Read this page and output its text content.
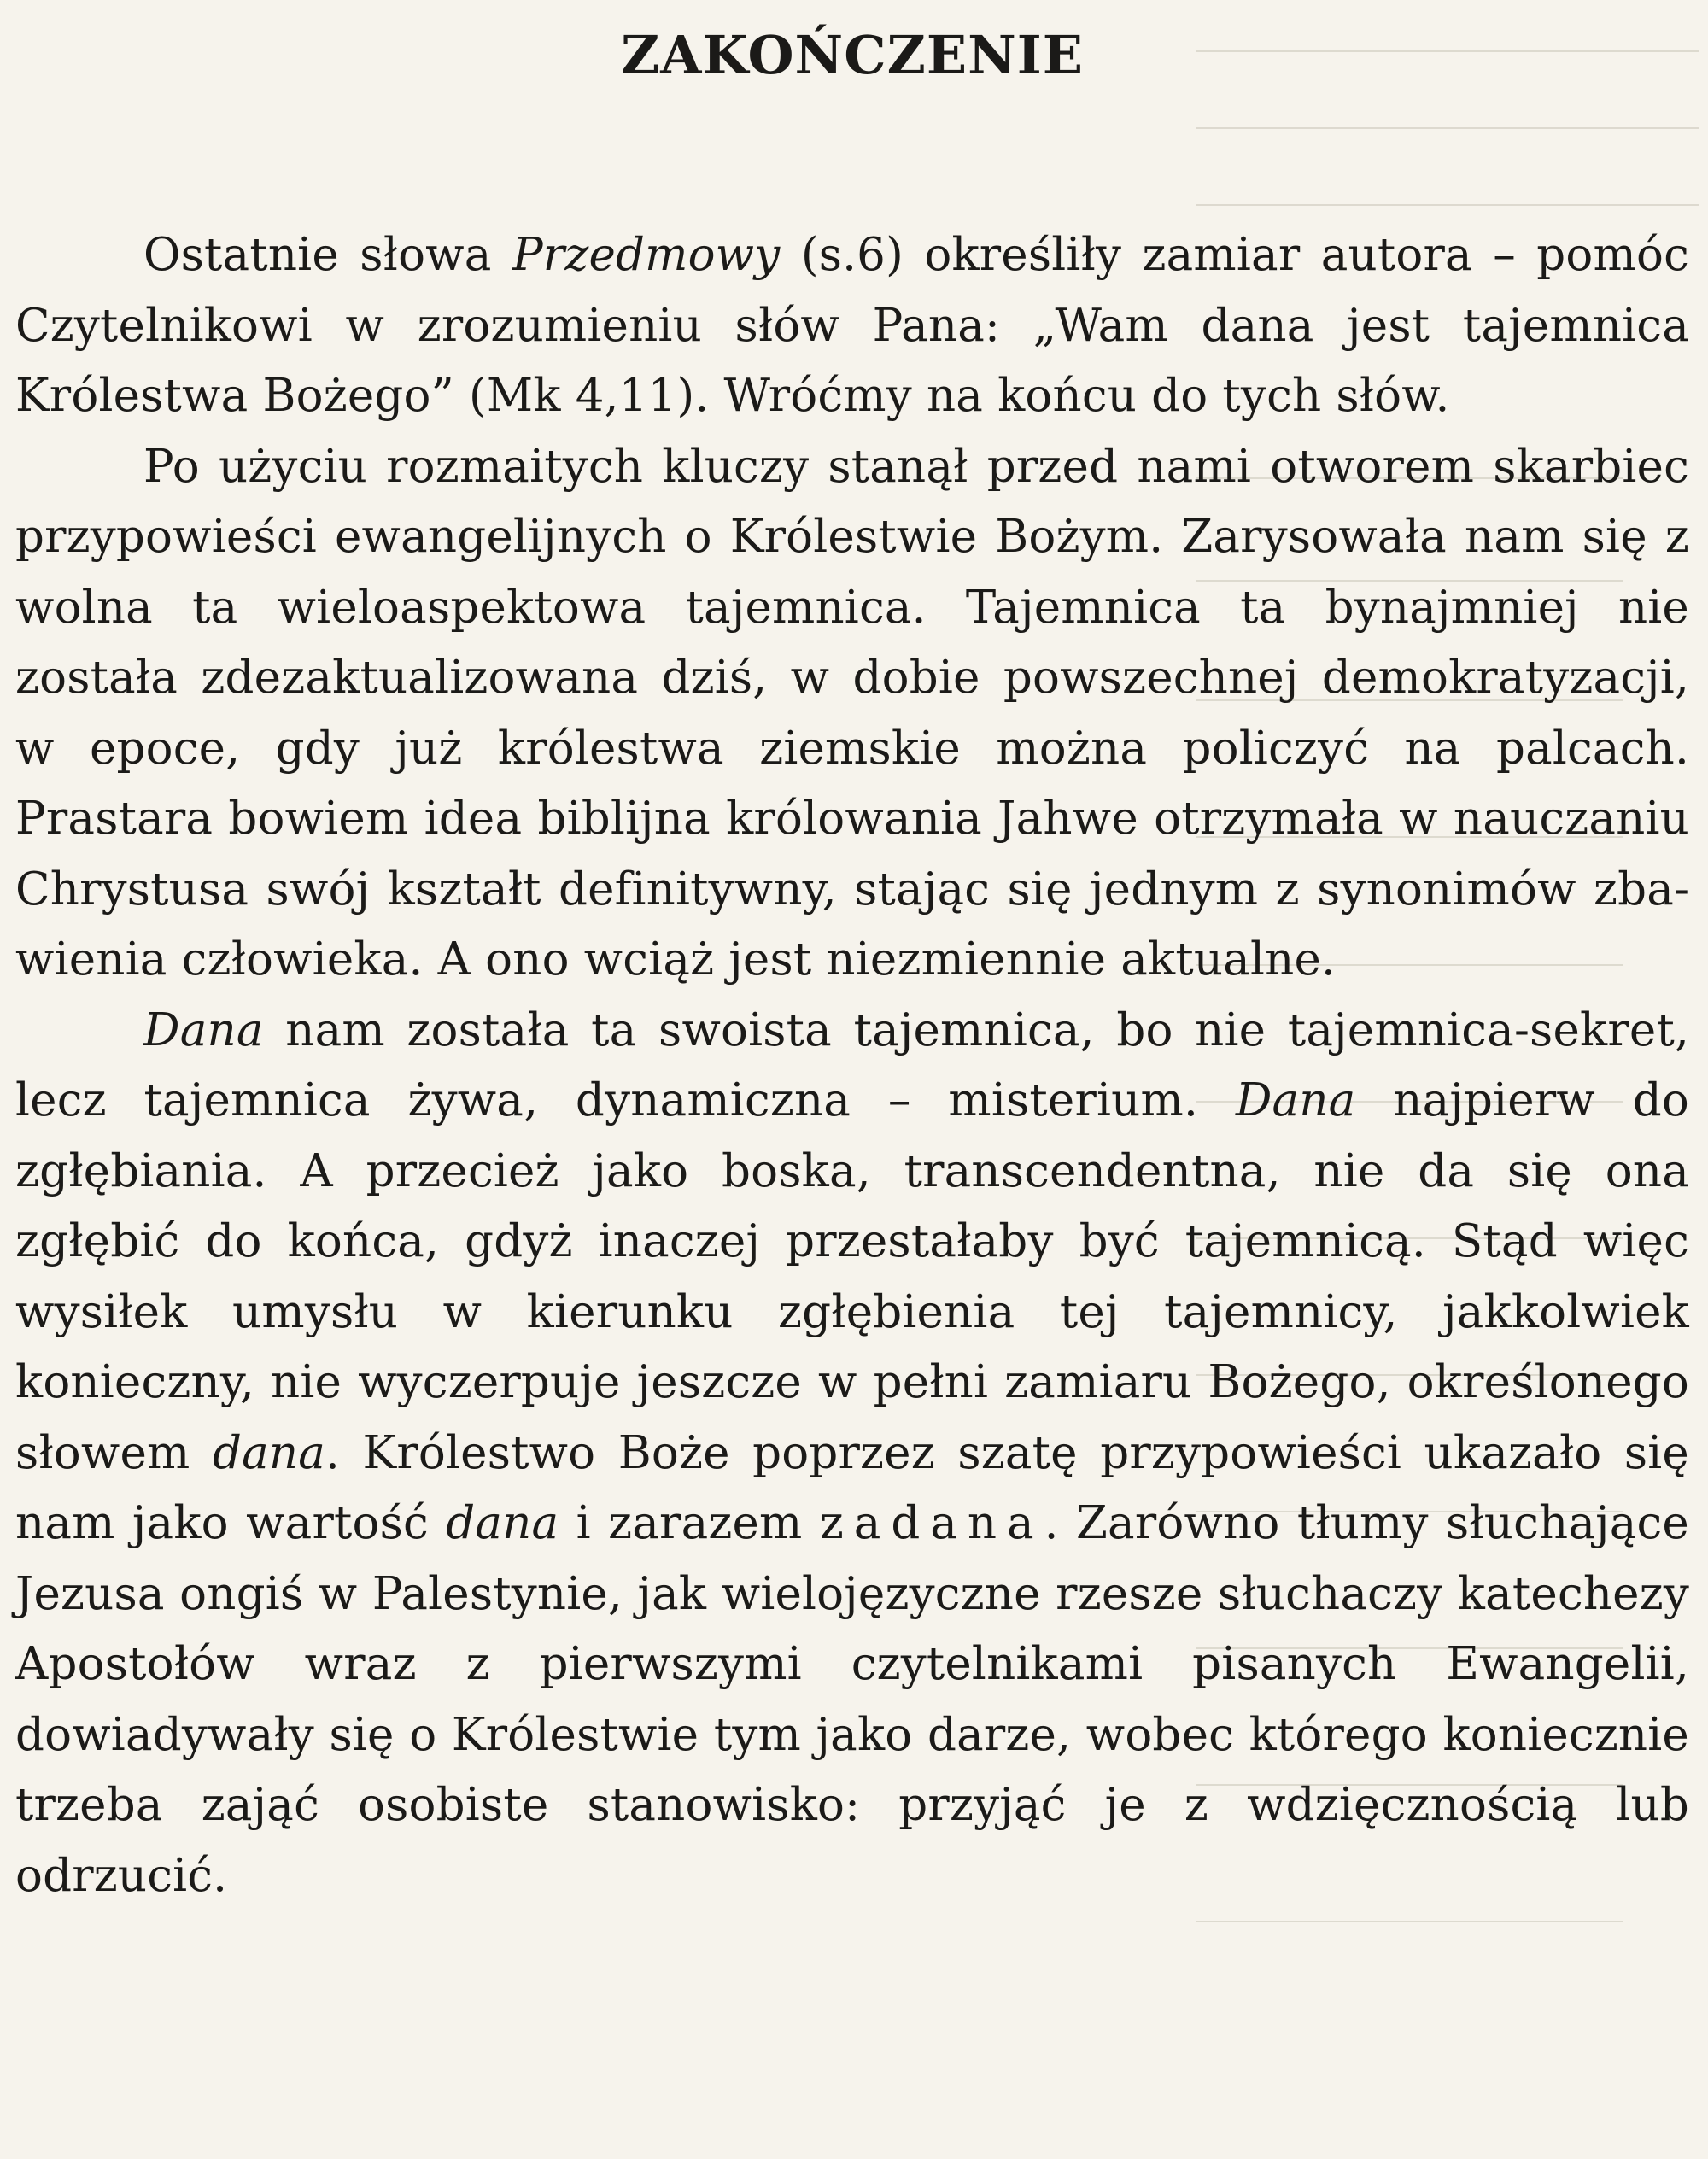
ZAKOŃCZENIE

Ostatnie słowa Przedmowy (s.6) określiły zamiar autora – pomóc Czytelnikowi w zrozumieniu słów Pana: „Wam dana jest tajemnica Królestwa Bożego” (Mk 4,11). Wróćmy na końcu do tych słów.

Po użyciu rozmaitych kluczy stanął przed nami otworem skarbiec przypowieści ewangelijnych o Królestwie Bożym. Zarysowała nam się z wolna ta wieloaspektowa tajemnica. Tajemnica ta bynajmniej nie została zdezaktualizowana dziś, w dobie powszechnej demokratyzacji, w epoce, gdy już królestwa ziemskie można policzyć na palcach. Prastara bowiem idea biblijna królowania Jahwe otrzymała w nauczaniu Chrystusa swój kształt definitywny, stając się jednym z synonimów zbawienia człowieka. A ono wciąż jest niezmiennie aktualne.

Dana nam została ta swoista tajemnica, bo nie tajemnica⁠-⁠sekret, lecz tajemnica żywa, dynamiczna – misterium. Dana najpierw do zgłębiania. A przecież jako boska, transcendentna, nie da się ona zgłębić do końca, gdyż inaczej przestałaby być tajemnicą. Stąd więc wysiłek umysłu w kierunku zgłębienia tej tajemnicy, jakkolwiek konieczny, nie wyczerpuje jeszcze w pełni zamiaru Bożego, określonego słowem dana. Królestwo Boże poprzez szatę przypowieści ukazało się nam jako wartość dana i zarazem zadana. Zarówno tłumy słuchające Jezusa ongiś w Palestynie, jak wielojęzyczne rzesze słuchaczy katechezy Apostołów wraz z pierwszymi czytelnikami pisanych Ewangelii, dowiadywały się o Królestwie tym jako darze, wobec którego koniecznie trzeba zająć osobiste stanowisko: przyjąć je z wdzięcznością lub odrzucić.
